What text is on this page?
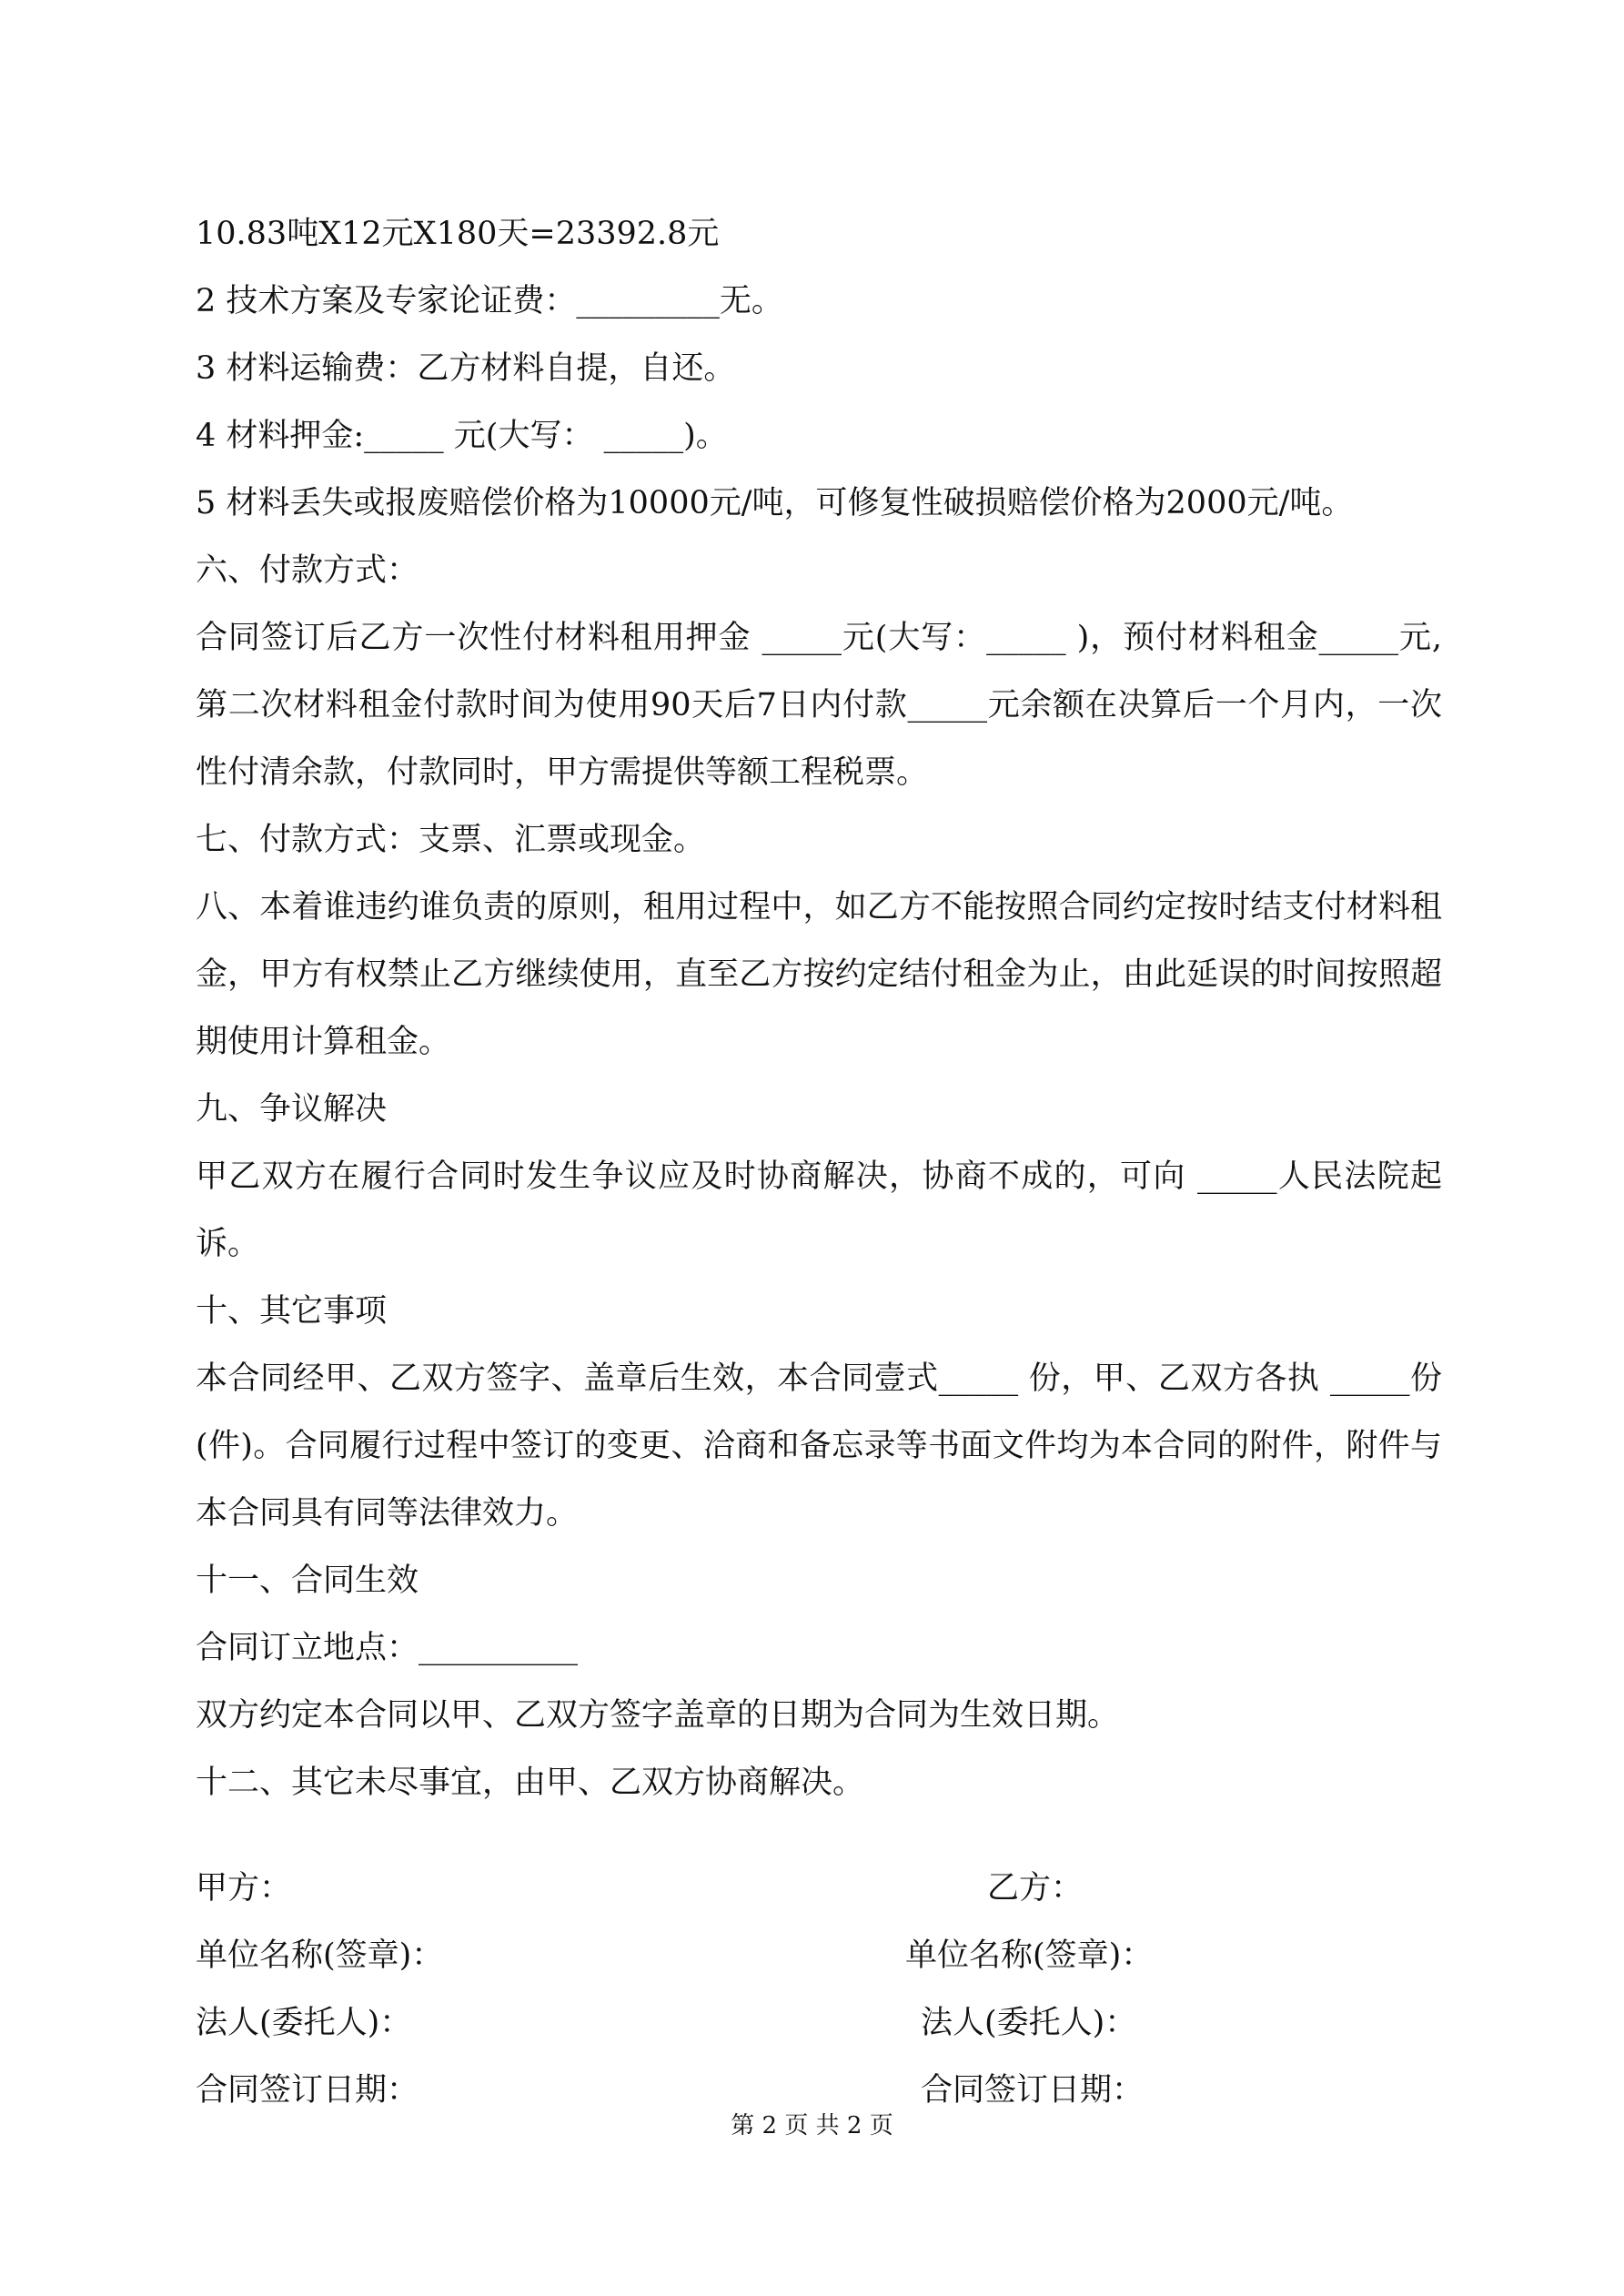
10.83吨X12元X180天=23392.8元

2 技术方案及专家论证费：_________无。

3 材料运输费：乙方材料自提，自还。

4 材料押金:_____ 元(大写： _____)。

5 材料丢失或报废赔偿价格为10000元/吨，可修复性破损赔偿价格为2000元/吨。

六、付款方式：

合同签订后乙方一次性付材料租用押金 _____元(大写：_____ )，预付材料租金_____元,第二次材料租金付款时间为使用90天后7日内付款_____元余额在决算后一个月内，一次性付清余款，付款同时，甲方需提供等额工程税票。

七、付款方式：支票、汇票或现金。

八、本着谁违约谁负责的原则，租用过程中，如乙方不能按照合同约定按时结支付材料租金，甲方有权禁止乙方继续使用，直至乙方按约定结付租金为止，由此延误的时间按照超期使用计算租金。

九、争议解决

甲乙双方在履行合同时发生争议应及时协商解决，协商不成的，可向 _____人民法院起诉。

十、其它事项

本合同经甲、乙双方签字、盖章后生效，本合同壹式_____ 份，甲、乙双方各执 _____份(件)。合同履行过程中签订的变更、洽商和备忘录等书面文件均为本合同的附件，附件与本合同具有同等法律效力。

十一、合同生效

合同订立地点：__________

双方约定本合同以甲、乙双方签字盖章的日期为合同为生效日期。

十二、其它未尽事宜，由甲、乙双方协商解决。

甲方：	乙方：
单位名称(签章)：	单位名称(签章)：
法人(委托人)：	法人(委托人)：
合同签订日期：	合同签订日期：
第 2 页 共 2 页
